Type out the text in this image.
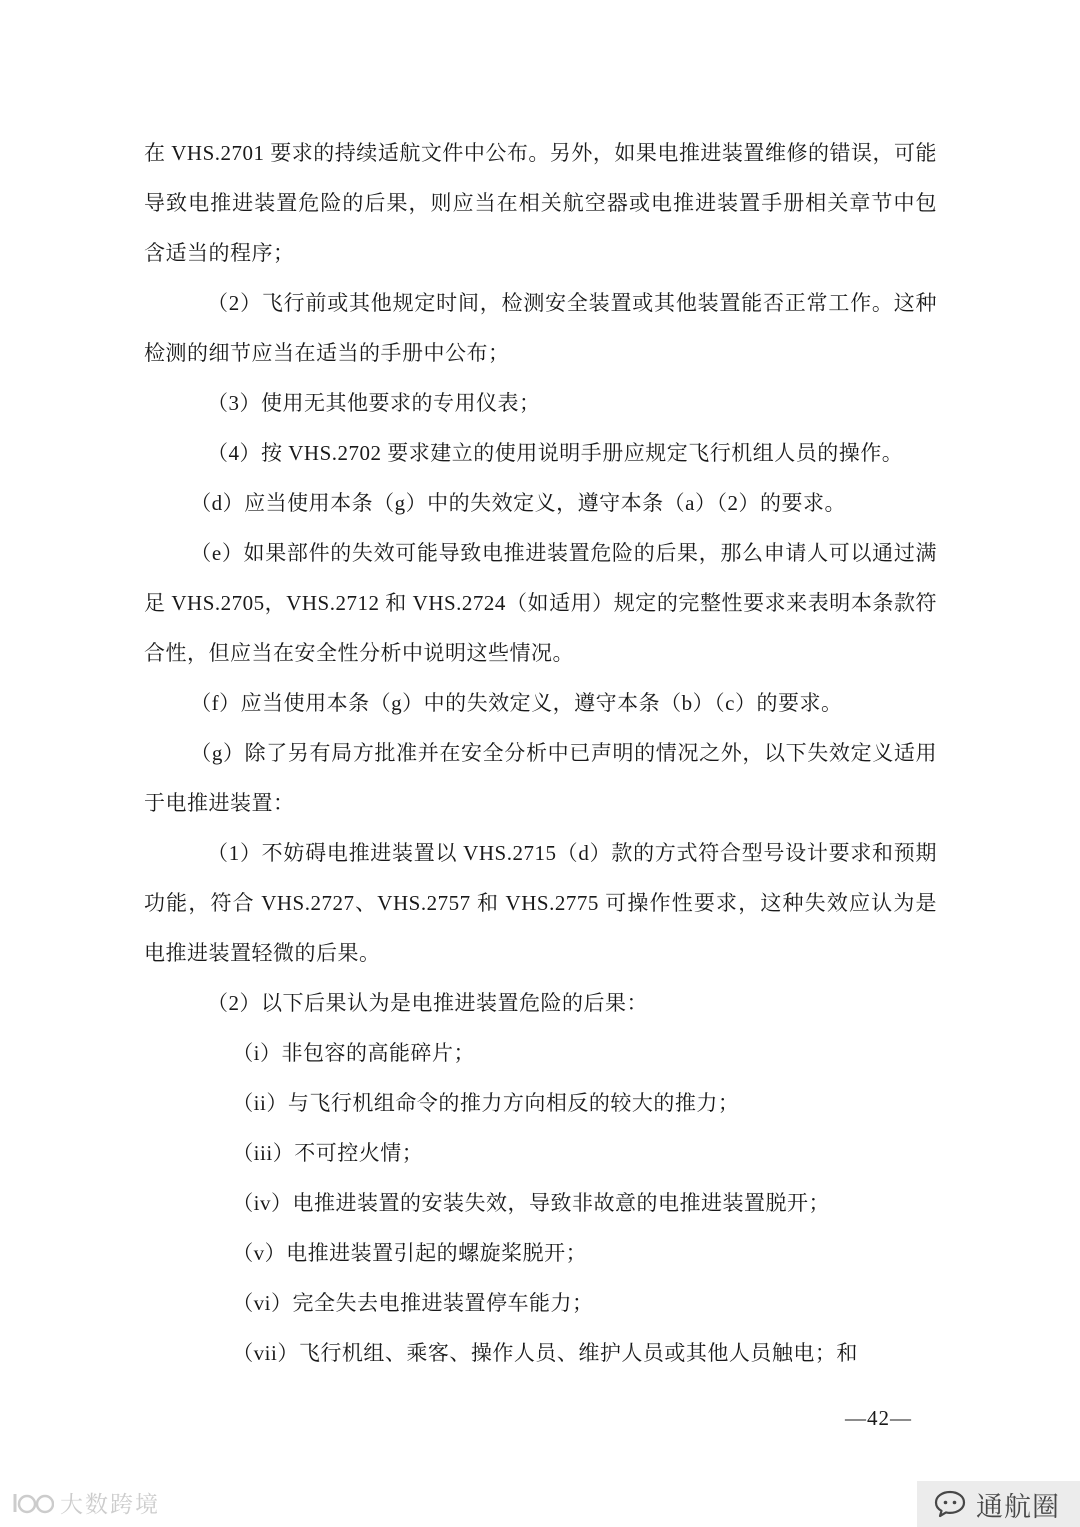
在 VHS.2701 要求的持续适航文件中公布。另外，如果电推进装置维修的错误，可能导致电推进装置危险的后果，则应当在相关航空器或电推进装置手册相关章节中包含适当的程序；

（2）飞行前或其他规定时间，检测安全装置或其他装置能否正常工作。这种检测的细节应当在适当的手册中公布；

（3）使用无其他要求的专用仪表；

（4）按 VHS.2702 要求建立的使用说明手册应规定飞行机组人员的操作。

（d）应当使用本条（g）中的失效定义，遵守本条（a）（2）的要求。

（e）如果部件的失效可能导致电推进装置危险的后果，那么申请人可以通过满足 VHS.2705，VHS.2712 和 VHS.2724（如适用）规定的完整性要求来表明本条款符合性，但应当在安全性分析中说明这些情况。

（f）应当使用本条（g）中的失效定义，遵守本条（b）（c）的要求。

（g）除了另有局方批准并在安全分析中已声明的情况之外，以下失效定义适用于电推进装置：

（1）不妨碍电推进装置以 VHS.2715（d）款的方式符合型号设计要求和预期功能，符合 VHS.2727、VHS.2757 和 VHS.2775 可操作性要求，这种失效应认为是电推进装置轻微的后果。

（2）以下后果认为是电推进装置危险的后果：

（i）非包容的高能碎片；

（ii）与飞行机组命令的推力方向相反的较大的推力；

（iii）不可控火情；

（iv）电推进装置的安装失效，导致非故意的电推进装置脱开；

（v）电推进装置引起的螺旋桨脱开；

（vi）完全失去电推进装置停车能力；

（vii）飞行机组、乘客、操作人员、维护人员或其他人员触电；和

—42—
大数跨境	通航圈
